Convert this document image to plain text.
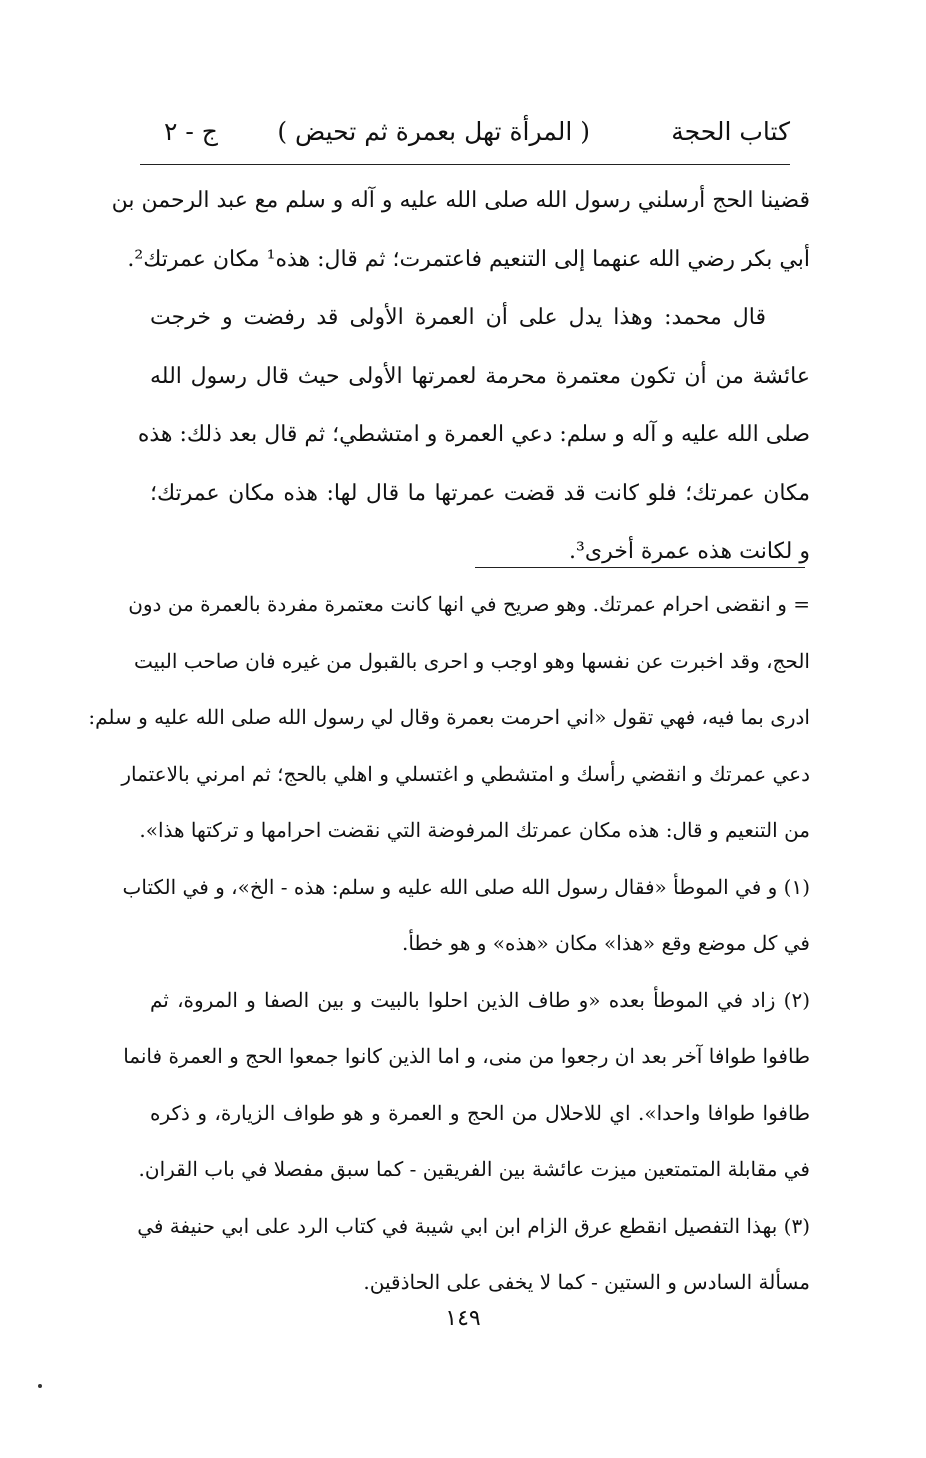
كتاب الحجة
( المرأة تهل بعمرة ثم تحيض )
ج - ٢
قضينا الحج أرسلني رسول الله صلى الله عليه و آله و سلم مع عبد الرحمن بن
أبي بكر رضي الله عنهما إلى التنعيم فاعتمرت؛ ثم قال: هذه¹ مكان عمرتك².
قال محمد: وهذا يدل على أن العمرة الأولى قد رفضت و خرجت
عائشة من أن تكون معتمرة محرمة لعمرتها الأولى حيث قال رسول الله
صلى الله عليه و آله و سلم: دعي العمرة و امتشطي؛ ثم قال بعد ذلك: هذه
مكان عمرتك؛ فلو كانت قد قضت عمرتها ما قال لها: هذه مكان عمرتك؛
و لكانت هذه عمرة أخرى³.
= و انقضى احرام عمرتك. وهو صريح في انها كانت معتمرة مفردة بالعمرة من دون
الحج، وقد اخبرت عن نفسها وهو اوجب و احرى بالقبول من غيره فان صاحب البيت
ادرى بما فيه، فهي تقول «اني احرمت بعمرة وقال لي رسول الله صلى الله عليه و سلم:
دعي عمرتك و انقضي رأسك و امتشطي و اغتسلي و اهلي بالحج؛ ثم امرني بالاعتمار
من التنعيم و قال: هذه مكان عمرتك المرفوضة التي نقضت احرامها و تركتها هذا».
(١) و في الموطأ «فقال رسول الله صلى الله عليه و سلم: هذه - الخ»، و في الكتاب
في كل موضع وقع «هذا» مكان «هذه» و هو خطأ.
(٢) زاد في الموطأ بعده «و طاف الذين احلوا بالبيت و بين الصفا و المروة، ثم
طافوا طوافا آخر بعد ان رجعوا من منى، و اما الذين كانوا جمعوا الحج و العمرة فانما
طافوا طوافا واحدا». اي للاحلال من الحج و العمرة و هو طواف الزيارة، و ذكره
في مقابلة المتمتعين ميزت عائشة بين الفريقين - كما سبق مفصلا في باب القران.
(٣) بهذا التفصيل انقطع عرق الزام ابن ابي شيبة في كتاب الرد على ابي حنيفة في
مسألة السادس و الستين - كما لا يخفى على الحاذقين.
١٤٩
